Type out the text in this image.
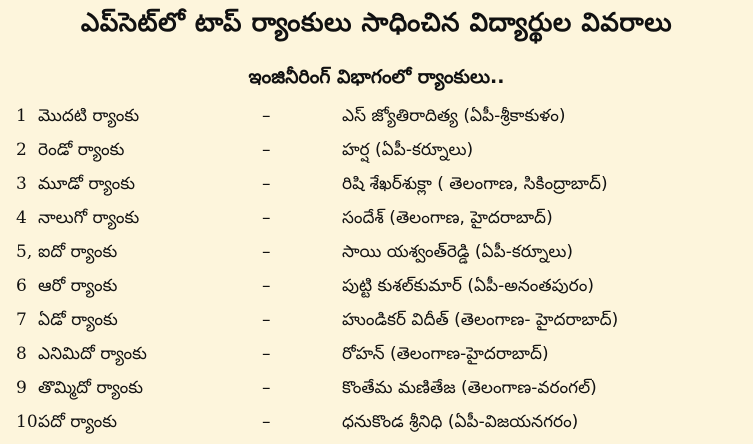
ఎప్‌సెట్‌లో టాప్ ర్యాంకులు సాధించిన విద్యార్థుల వివరాలు
ఇంజినీరింగ్ విభాగంలో ర్యాంకులు..
1 మొదటి ర్యాంకు	–	ఎస్ జ్యోతిరాదిత్య (ఏపీ-శ్రీకాకుళం)
2 రెండో ర్యాంకు	–	హర్ష (ఏపీ-కర్నూలు)
3 మూడో ర్యాంకు	–	రిషి శేఖర్‌శుక్లా ( తెలంగాణ, సికింద్రాబాద్)
4 నాలుగో ర్యాంకు	–	సందేశ్ (తెలంగాణ, హైదరాబాద్)
5, ఐదో ర్యాంకు	–	సాయి యశ్వంత్‌రెడ్డి (ఏపీ-కర్నూలు)
6 ఆరో ర్యాంకు	–	పుట్టి కుశల్‌కుమార్ (ఏపీ-అనంతపురం)
7 ఏడో ర్యాంకు	–	హుండికర్ విదీత్ (తెలంగాణ- హైదరాబాద్)
8 ఎనిమిదో ర్యాంకు	–	రోహన్ (తెలంగాణ-హైదరాబాద్)
9 తొమ్మిదో ర్యాంకు	–	కొంతేమ మణితేజ (తెలంగాణ-వరంగల్)
10 పదో ర్యాంకు	–	ధనుకొండ శ్రీనిధి (ఏపీ-విజయనగరం)
